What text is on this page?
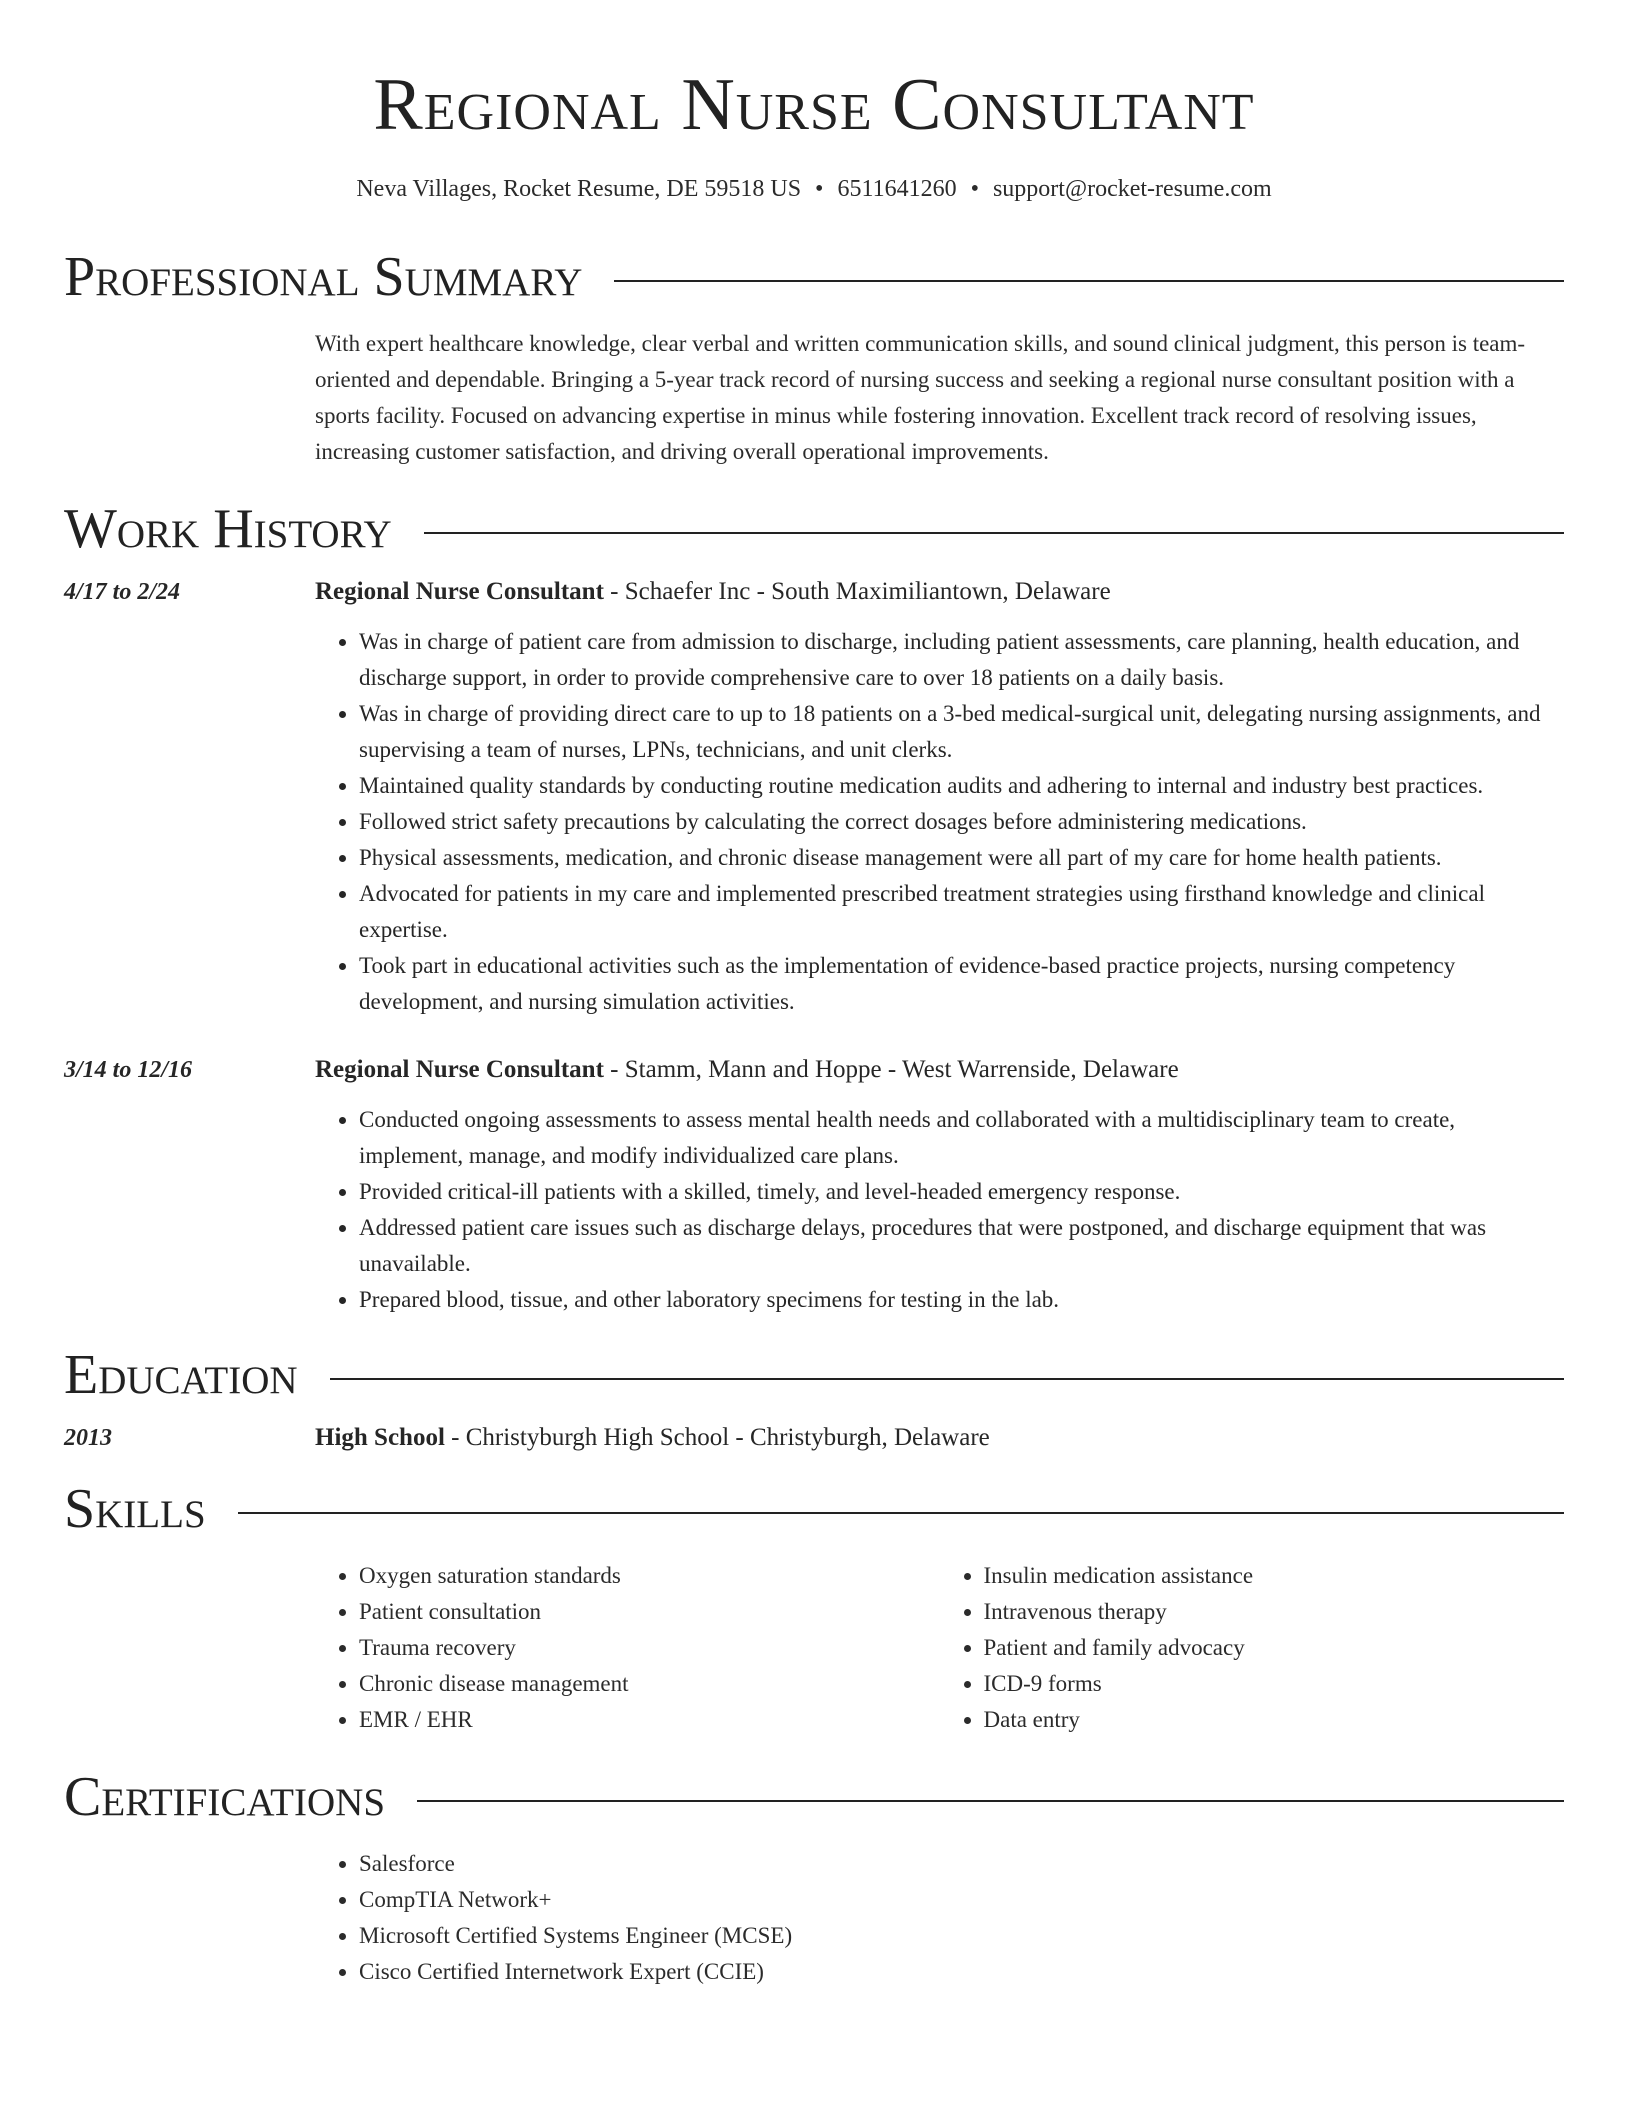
Regional Nurse Consultant
Neva Villages, Rocket Resume, DE 59518 US • 6511641260 • support@rocket-resume.com
Professional Summary
With expert healthcare knowledge, clear verbal and written communication skills, and sound clinical judgment, this person is team-oriented and dependable. Bringing a 5-year track record of nursing success and seeking a regional nurse consultant position with a sports facility. Focused on advancing expertise in minus while fostering innovation. Excellent track record of resolving issues, increasing customer satisfaction, and driving overall operational improvements.
Work History
4/17 to 2/24	Regional Nurse Consultant - Schaefer Inc - South Maximiliantown, Delaware
• Was in charge of patient care from admission to discharge, including patient assessments, care planning, health education, and discharge support, in order to provide comprehensive care to over 18 patients on a daily basis.
• Was in charge of providing direct care to up to 18 patients on a 3-bed medical-surgical unit, delegating nursing assignments, and supervising a team of nurses, LPNs, technicians, and unit clerks.
• Maintained quality standards by conducting routine medication audits and adhering to internal and industry best practices.
• Followed strict safety precautions by calculating the correct dosages before administering medications.
• Physical assessments, medication, and chronic disease management were all part of my care for home health patients.
• Advocated for patients in my care and implemented prescribed treatment strategies using firsthand knowledge and clinical expertise.
• Took part in educational activities such as the implementation of evidence-based practice projects, nursing competency development, and nursing simulation activities.
3/14 to 12/16	Regional Nurse Consultant - Stamm, Mann and Hoppe - West Warrenside, Delaware
• Conducted ongoing assessments to assess mental health needs and collaborated with a multidisciplinary team to create, implement, manage, and modify individualized care plans.
• Provided critical-ill patients with a skilled, timely, and level-headed emergency response.
• Addressed patient care issues such as discharge delays, procedures that were postponed, and discharge equipment that was unavailable.
• Prepared blood, tissue, and other laboratory specimens for testing in the lab.
Education
2013	High School - Christyburgh High School - Christyburgh, Delaware
Skills
• Oxygen saturation standards
• Patient consultation
• Trauma recovery
• Chronic disease management
• EMR / EHR
• Insulin medication assistance
• Intravenous therapy
• Patient and family advocacy
• ICD-9 forms
• Data entry
Certifications
• Salesforce
• CompTIA Network+
• Microsoft Certified Systems Engineer (MCSE)
• Cisco Certified Internetwork Expert (CCIE)
